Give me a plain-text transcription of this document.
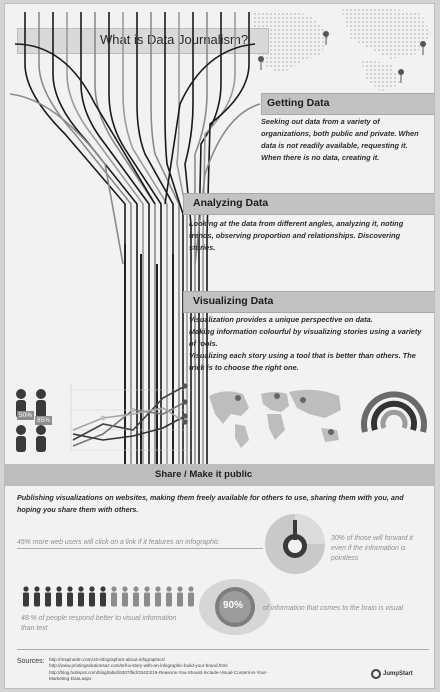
What is Data Journalism?
Getting Data

Seeking out data from a variety of organizations, both public and private. When data is not readily available, requesting it. When there is no data, creating it.

Analyzing Data

Looking at the data from different angles, analyzing it, noting trends, observing proportion and relationships. Discovering stories.

Visualizing Data

Visualization provides a unique perspective on data.

Making information colourful by visualizing stories using a variety of tools.

Visualizing each story using a tool that is better than others. The trick is to choose the right one.

50%
85%
Share / Make it public
Publishing visualizations on websites, making them freely available for others to use, sharing them with you, and hoping you share them with others.
45% more web users will click on a link if it features an infographic
30% of those will forward it even if the information is pointless
48 % of people respond better to visual information than text
90%	of information that comes to the brain is visual
Sources: http://mspinedm.com/10-infographics-about-infographics/
http://www.printingsolutionsaz.com/tell-a-story-with-an-infographic-build-your-brand.html
http://blog.hubspot.com/blog/tabid/6307/bid/33423/19-Reasons-You-Should-Include-Visual-Content-in-Your-
Marketing-Data.aspx
JumpStart
